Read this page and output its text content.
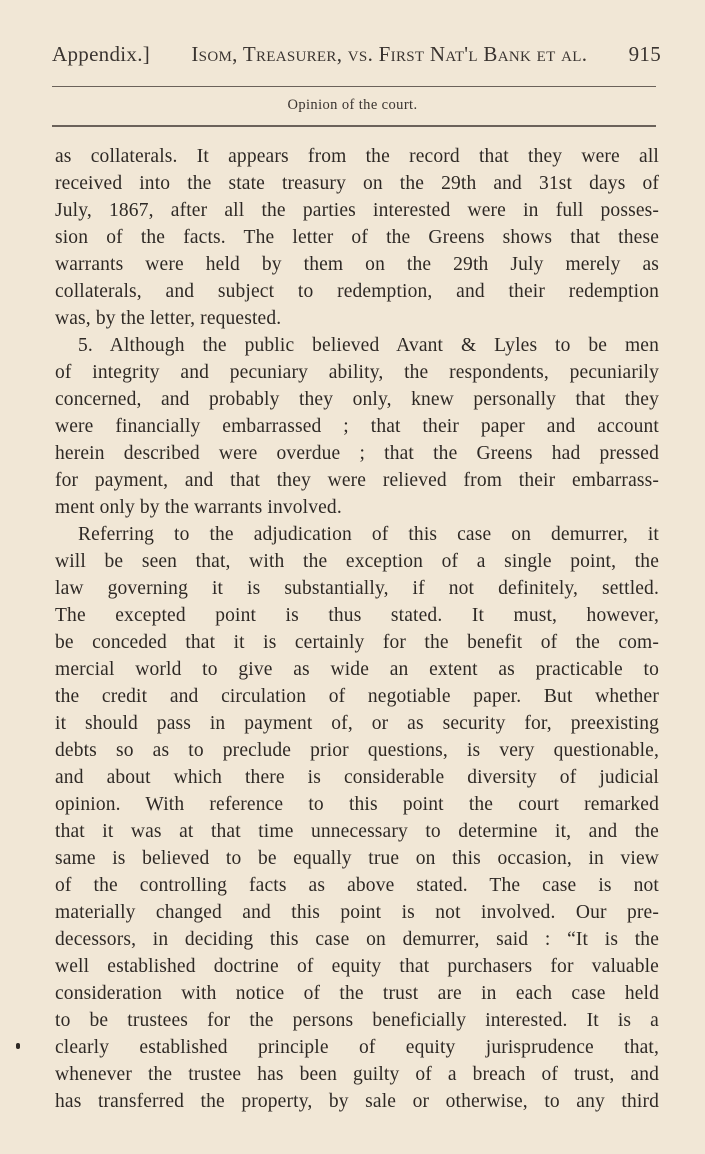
Appendix.] Isom, Treasurer, vs. First Nat'l Bank et al. 915
Opinion of the court.
as collaterals. It appears from the record that they were all
received into the state treasury on the 29th and 31st days of
July, 1867, after all the parties interested were in full posses-
sion of the facts. The letter of the Greens shows that these
warrants were held by them on the 29th July merely as
collaterals, and subject to redemption, and their redemption
was, by the letter, requested.
5. Although the public believed Avant & Lyles to be men
of integrity and pecuniary ability, the respondents, pecuniarily
concerned, and probably they only, knew personally that they
were financially embarrassed ; that their paper and account
herein described were overdue ; that the Greens had pressed
for payment, and that they were relieved from their embarrass-
ment only by the warrants involved.
Referring to the adjudication of this case on demurrer, it
will be seen that, with the exception of a single point, the
law governing it is substantially, if not definitely, settled.
The excepted point is thus stated. It must, however,
be conceded that it is certainly for the benefit of the com-
mercial world to give as wide an extent as practicable to
the credit and circulation of negotiable paper. But whether
it should pass in payment of, or as security for, preexisting
debts so as to preclude prior questions, is very questionable,
and about which there is considerable diversity of judicial
opinion. With reference to this point the court remarked
that it was at that time unnecessary to determine it, and the
same is believed to be equally true on this occasion, in view
of the controlling facts as above stated. The case is not
materially changed and this point is not involved. Our pre-
decessors, in deciding this case on demurrer, said : “It is the
well established doctrine of equity that purchasers for valuable
consideration with notice of the trust are in each case held
to be trustees for the persons beneficially interested. It is a
clearly established principle of equity jurisprudence that,
whenever the trustee has been guilty of a breach of trust, and
has transferred the property, by sale or otherwise, to any third
